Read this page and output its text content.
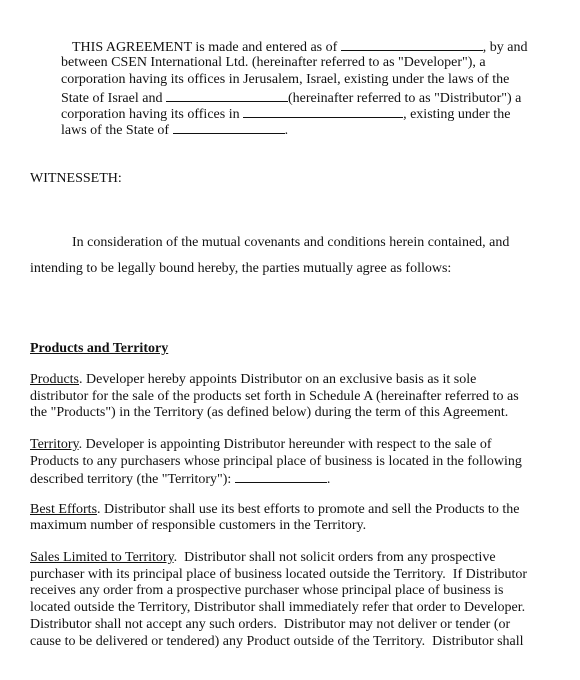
THIS AGREEMENT is made and entered as of	, by and
between CSEN International Ltd. (hereinafter referred to as "Developer"), a
corporation having its offices in Jerusalem, Israel, existing under the laws of the
State of Israel and	(hereinafter referred to as "Distributor") a
corporation having its offices in	, existing under the
laws of the State of	.
WITNESSETH:
In consideration of the mutual covenants and conditions herein contained, and
intending to be legally bound hereby, the parties mutually agree as follows:
Products and Territory
Products. Developer hereby appoints Distributor on an exclusive basis as it sole
distributor for the sale of the products set forth in Schedule A (hereinafter referred to as
the "Products") in the Territory (as defined below) during the term of this Agreement.
Territory. Developer is appointing Distributor hereunder with respect to the sale of
Products to any purchasers whose principal place of business is located in the following
described territory (the "Territory"):	.
Best Efforts. Distributor shall use its best efforts to promote and sell the Products to the
maximum number of responsible customers in the Territory.
Sales Limited to Territory.  Distributor shall not solicit orders from any prospective
purchaser with its principal place of business located outside the Territory.  If Distributor
receives any order from a prospective purchaser whose principal place of business is
located outside the Territory, Distributor shall immediately refer that order to Developer.
Distributor shall not accept any such orders.  Distributor may not deliver or tender (or
cause to be delivered or tendered) any Product outside of the Territory.  Distributor shall
